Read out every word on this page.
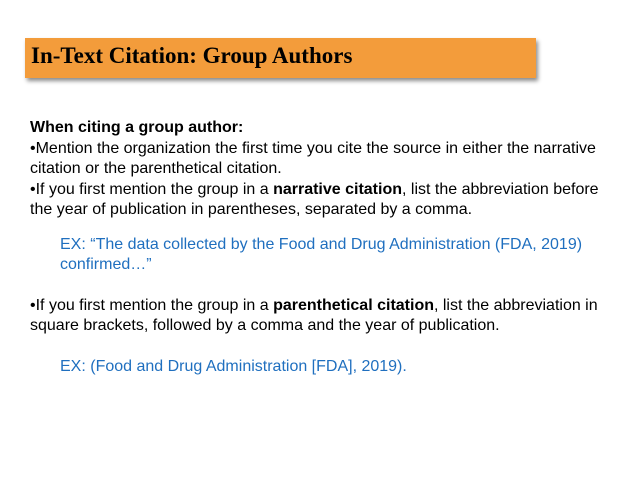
In-Text Citation: Group Authors

When citing a group author:

•Mention the organization the first time you cite the source in either the narrative citation or the parenthetical citation.

•If you first mention the group in a narrative citation, list the abbreviation before the year of publication in parentheses, separated by a comma.

EX: “The data collected by the Food and Drug Administration (FDA, 2019) confirmed…”

•If you first mention the group in a parenthetical citation, list the abbreviation in square brackets, followed by a comma and the year of publication.

EX: (Food and Drug Administration [FDA], 2019).
